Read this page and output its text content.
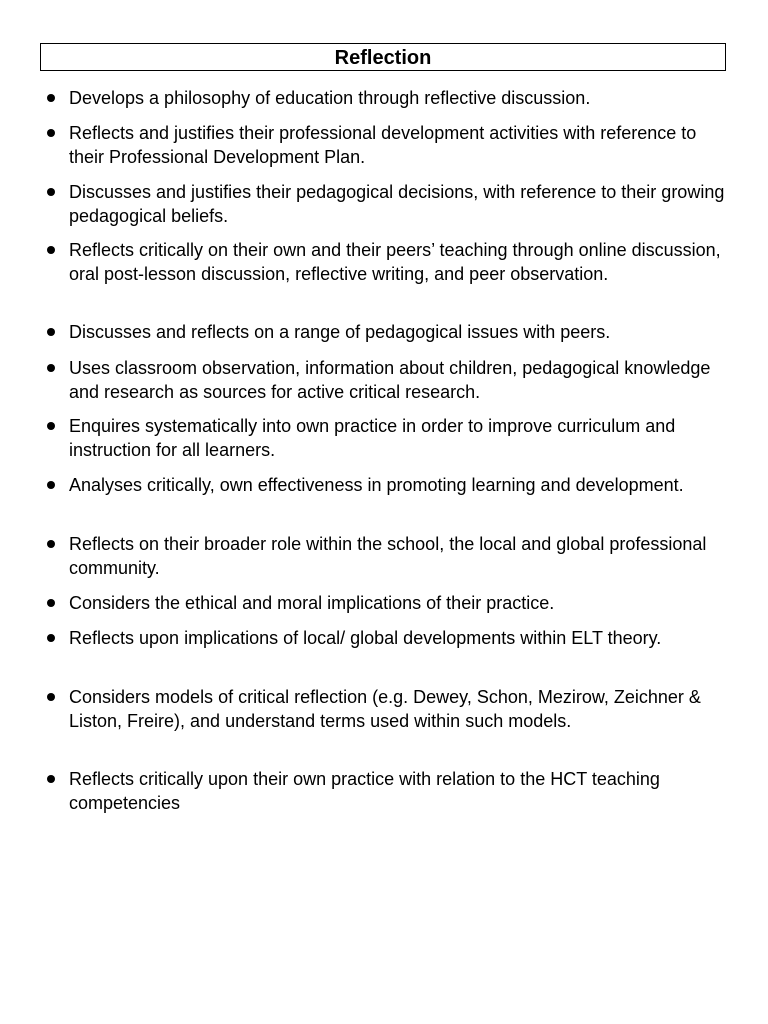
Reflection
Develops a philosophy of education through reflective discussion.
Reflects and justifies their professional development activities with reference to their Professional Development Plan.
Discusses and justifies their pedagogical decisions, with reference to their growing pedagogical beliefs.
Reflects critically on their own and their peers’ teaching through online discussion, oral post-lesson discussion, reflective writing, and peer observation.
Discusses and reflects on a range of pedagogical issues with peers.
Uses classroom observation, information about children, pedagogical knowledge and research as sources for active critical research.
Enquires systematically into own practice in order to improve curriculum and instruction for all learners.
Analyses critically, own effectiveness in promoting learning and development.
Reflects on their broader role within the school, the local and global professional community.
Considers the ethical and moral implications of their practice.
Reflects upon implications of local/ global developments within ELT theory.
Considers models of critical reflection (e.g. Dewey, Schon, Mezirow, Zeichner & Liston, Freire), and understand terms used within such models.
Reflects critically upon their own practice with relation to the HCT teaching competencies
